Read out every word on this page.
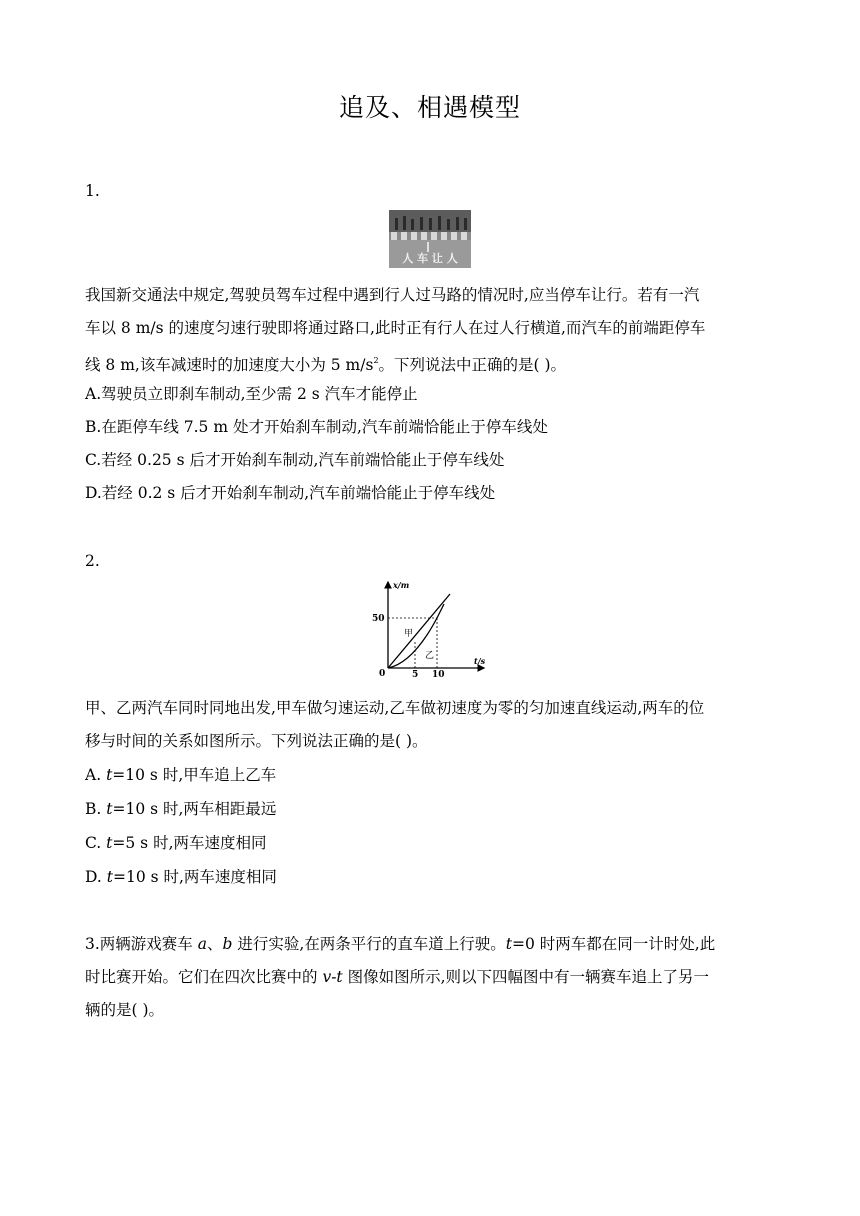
追及、相遇模型
1.
人 车 让 人
我国新交通法中规定,驾驶员驾车过程中遇到行人过马路的情况时,应当停车让行。若有一汽
车以 8 m/s 的速度匀速行驶即将通过路口,此时正有行人在过人行横道,而汽车的前端距停车
线 8 m,该车减速时的加速度大小为 5 $m/s^2$。下列说法中正确的是( )。
A.驾驶员立即刹车制动,至少需 2 s 汽车才能停止
B.在距停车线 7.5 m 处才开始刹车制动,汽车前端恰能止于停车线处
C.若经 0.25 s 后才开始刹车制动,汽车前端恰能止于停车线处
D.若经 0.2 s 后才开始刹车制动,汽车前端恰能止于停车线处
2.
x/m
t/s
50
0	5 10
甲
乙
甲、乙两汽车同时同地出发,甲车做匀速运动,乙车做初速度为零的匀加速直线运动,两车的位
移与时间的关系如图所示。下列说法正确的是( )。
A. t=10 s 时,甲车追上乙车
B. t=10 s 时,两车相距最远
C. t=5 s 时,两车速度相同
D. t=10 s 时,两车速度相同
3.两辆游戏赛车 a、b 进行实验,在两条平行的直车道上行驶。t=0 时两车都在同一计时处,此
时比赛开始。它们在四次比赛中的 v-t 图像如图所示,则以下四幅图中有一辆赛车追上了另一
辆的是( )。
